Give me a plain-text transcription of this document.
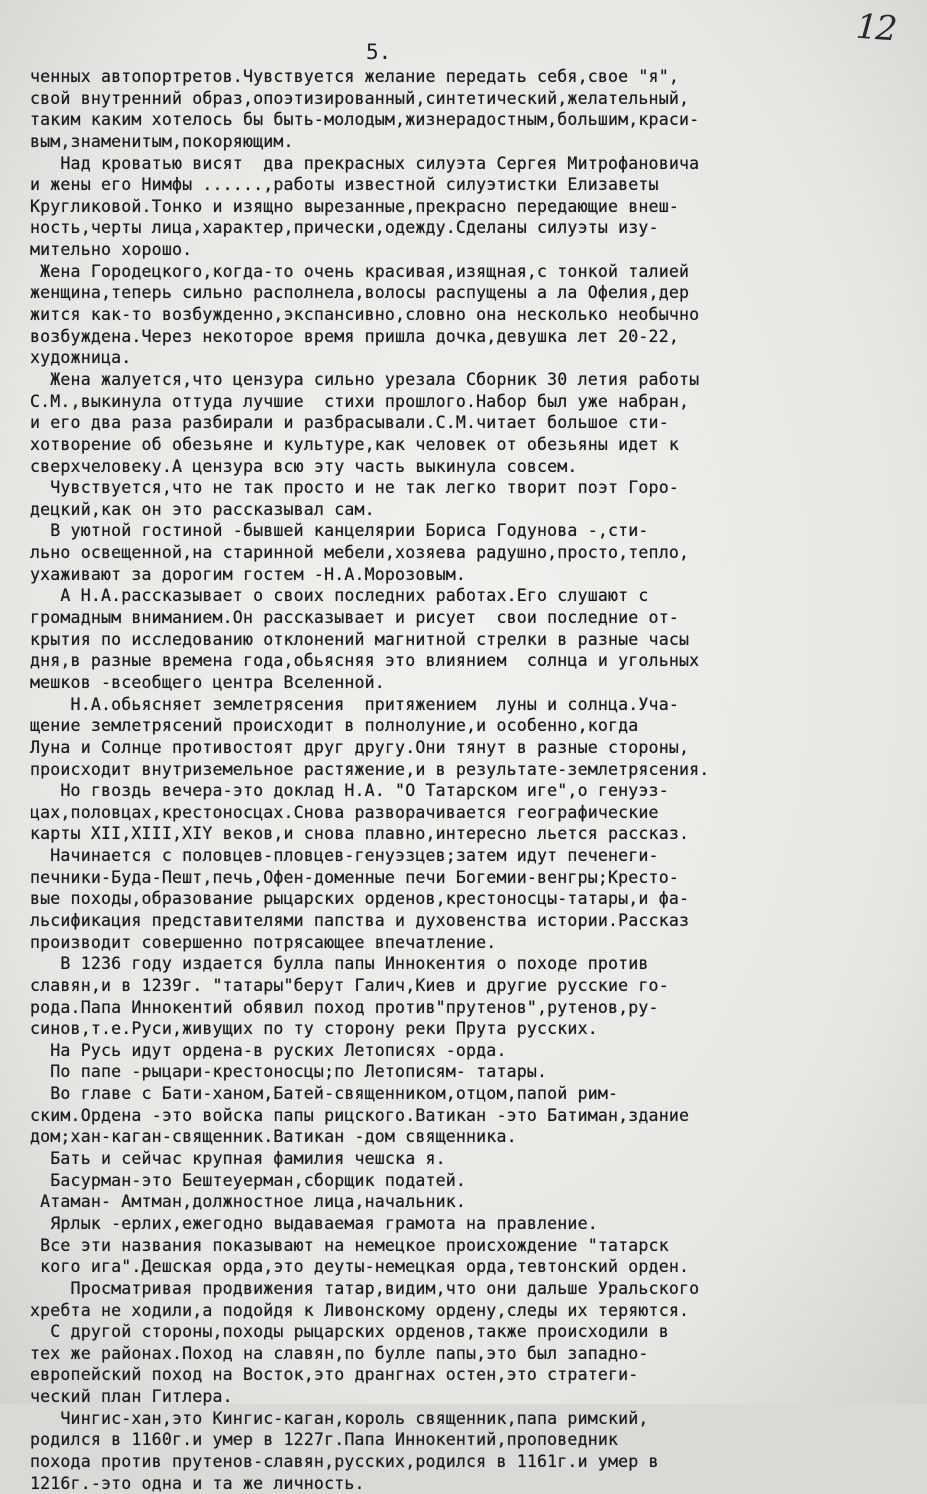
12
5.
ченных автопортретов.Чувствуется желание передать себя,свое "я",
свой внутренний образ,опоэтизированный,синтетический,желательный,
таким каким хотелось бы быть-молодым,жизнерадостным,большим,краси-
вым,знаменитым,покоряющим.
Над кроватью висят  два прекрасных силуэта Сергея Митрофановича
и жены его Нимфы ......,работы известной силуэтистки Елизаветы
Кругликовой.Тонко и изящно вырезанные,прекрасно передающие внеш-
ность,черты лица,характер,прически,одежду.Сделаны силуэты изу-
мительно хорошо.
Жена Городецкого,когда-то очень красивая,изящная,с тонкой талией
женщина,теперь сильно располнела,волосы распущены а ла Офелия,дер
жится как-то возбужденно,экспансивно,словно она несколько необычно
возбуждена.Через некоторое время пришла дочка,девушка лет 20-22,
художница.
Жена жалуется,что цензура сильно урезала Сборник 30 летия работы
С.М.,выкинула оттуда лучшие  стихи прошлого.Набор был уже набран,
и его два раза разбирали и разбрасывали.С.М.читает большое сти-
хотворение об обезьяне и культуре,как человек от обезьяны идет к
сверхчеловеку.А цензура всю эту часть выкинула совсем.
Чувствуется,что не так просто и не так легко творит поэт Горо-
децкий,как он это рассказывал сам.
В уютной гостиной -бывшей канцелярии Бориса Годунова -,сти-
льно освещенной,на старинной мебели,хозяева радушно,просто,тепло,
ухаживают за дорогим гостем -Н.А.Морозовым.
А Н.А.рассказывает о своих последних работах.Его слушают с
громадным вниманием.Он рассказывает и рисует  свои последние от-
крытия по исследованию отклонений магнитной стрелки в разные часы
дня,в разные времена года,обьясняя это влиянием  солнца и угольных
мешков -всеобщего центра Вселенной.
Н.А.обьясняет землетрясения  притяжением  луны и солнца.Уча-
щение землетрясений происходит в полнолуние,и особенно,когда
Луна и Солнце противостоят друг другу.Они тянут в разные стороны,
происходит внутриземельное растяжение,и в результате-землетрясения.
Но гвоздь вечера-это доклад Н.А. "О Татарском иге",о генуэз-
цах,половцах,крестоносцах.Снова разворачивается географические
карты XII,XIII,XIY веков,и снова плавно,интересно льется рассказ.
Начинается с половцев-пловцев-генуэзцев;затем идут печенеги-
печники-Буда-Пешт,печь,Офен-доменные печи Богемии-венгры;Кресто-
вые походы,образование рыцарских орденов,крестоносцы-татары,и фа-
льсификация представителями папства и духовенства истории.Рассказ
производит совершенно потрясающее впечатление.
В 1236 году издается булла папы Иннокентия о походе против
славян,и в 1239г. "татары"берут Галич,Киев и другие русские го-
рода.Папа Иннокентий обявил поход против"прутенов",рутенов,ру-
синов,т.е.Руси,живущих по ту сторону реки Прута русских.
На Русь идут ордена-в руских Летописях -орда.
По папе -рыцари-крестоносцы;по Летописям- татары.
Во главе с Бати-ханом,Батей-священником,отцом,папой рим-
ским.Ордена -это войска папы рицского.Ватикан -это Батиман,здание
дом;хан-каган-священник.Ватикан -дом священника.
Бать и сейчас крупная фамилия чешска я.
Басурман-это Бештеуерман,сборщик податей.
Атаман- Амтман,должностное лица,начальник.
Ярлык -ерлих,ежегодно выдаваемая грамота на правление.
Все эти названия показывают на немецкое происхождение "татарск
кого ига".Дешская орда,это деуты-немецкая орда,тевтонский орден.
Просматривая продвижения татар,видим,что они дальше Уральского
хребта не ходили,а подойдя к Ливонскому ордену,следы их теряются.
С другой стороны,походы рыцарских орденов,также происходили в
тех же районах.Поход на славян,по булле папы,это был западно-
европейский поход на Восток,это дрангнах остен,это стратеги-
ческий план Гитлера.
Чингис-хан,это Кингис-каган,король священник,папа римский,
родился в 1160г.и умер в 1227г.Папа Иннокентий,проповедник
похода против прутенов-славян,русских,родился в 1161г.и умер в
1216г.-это одна и та же личность.
